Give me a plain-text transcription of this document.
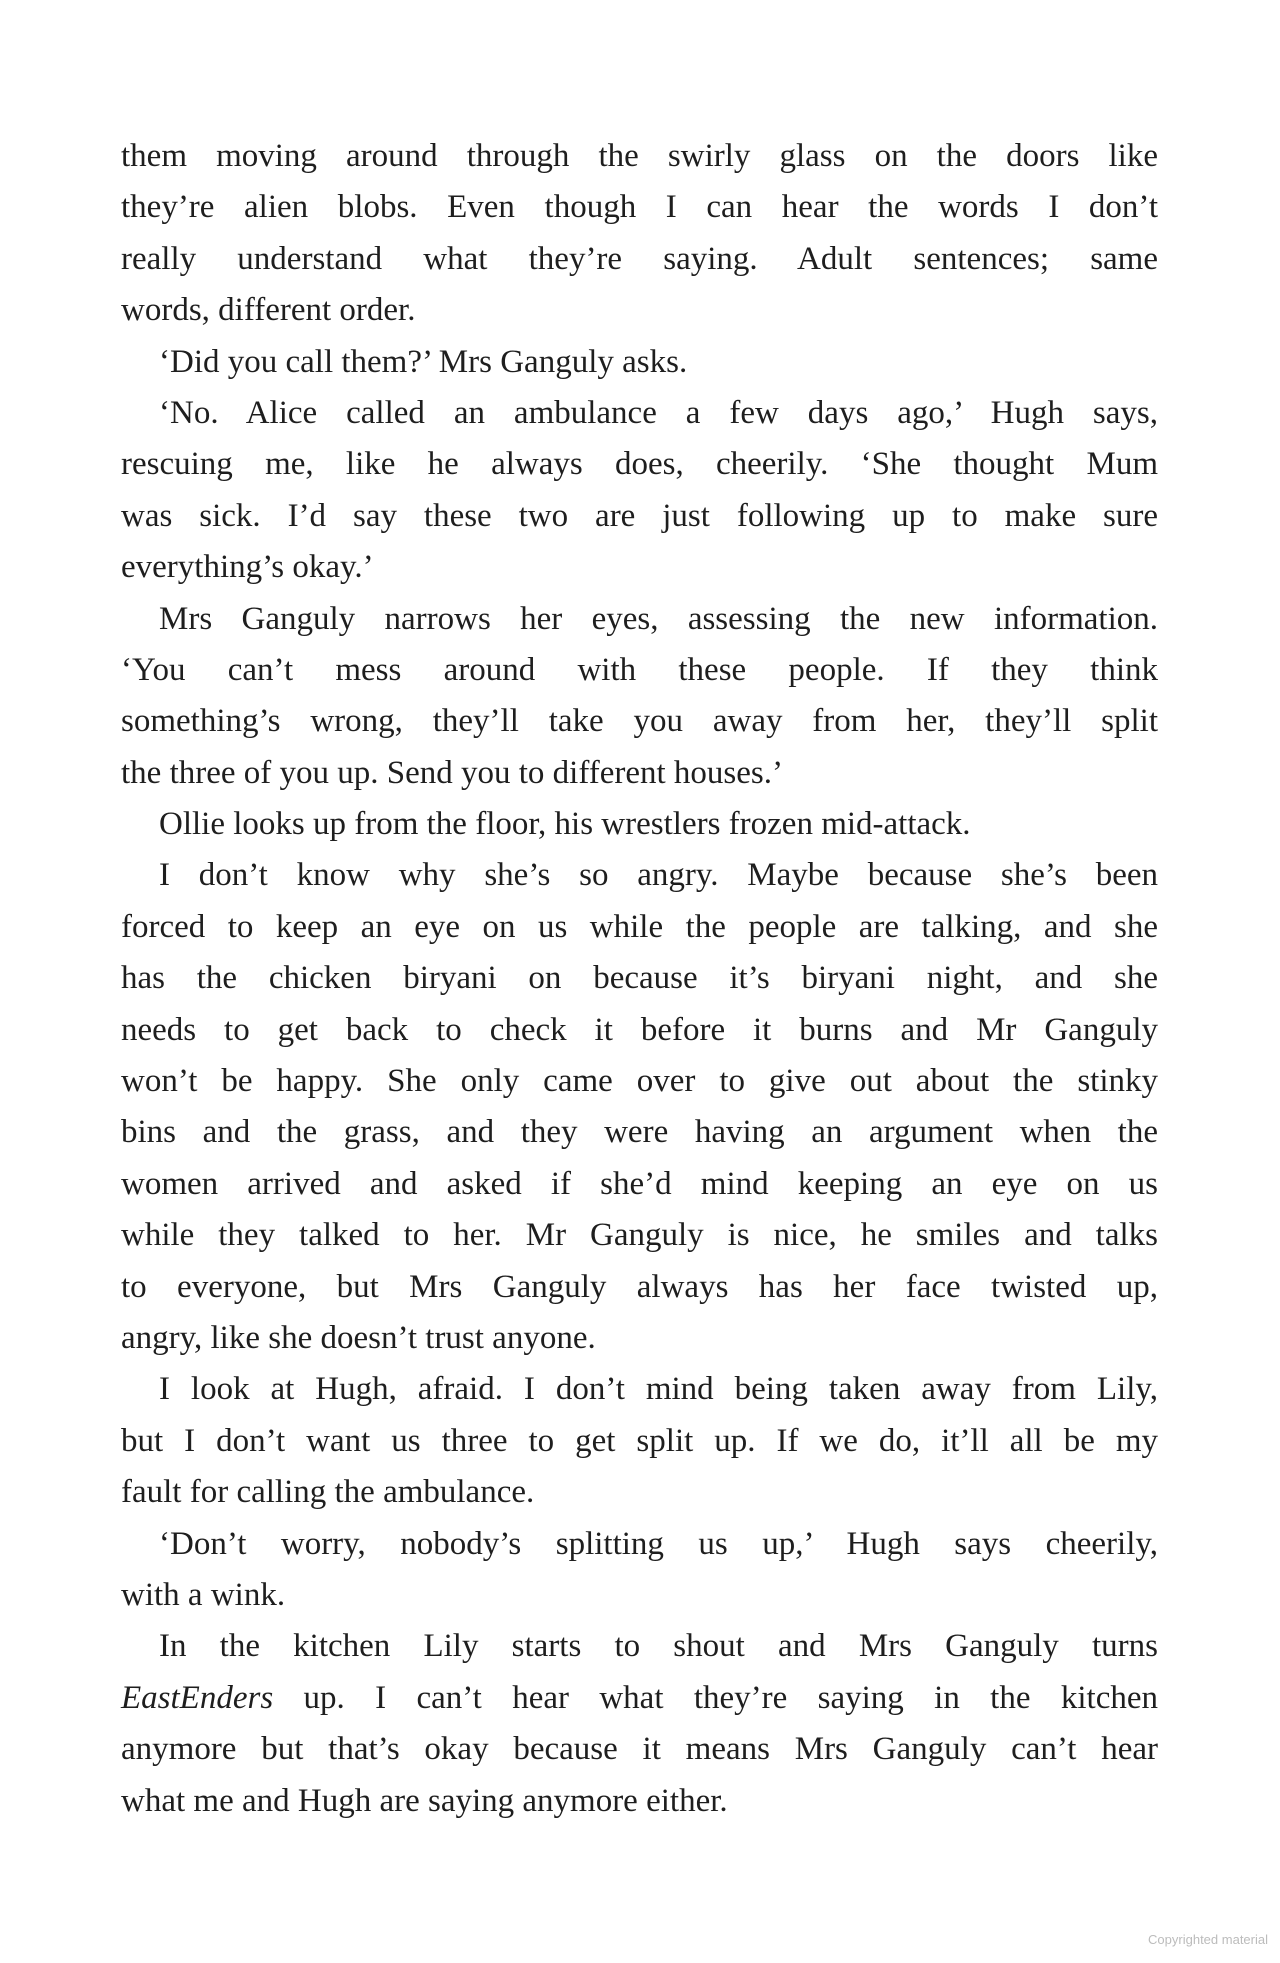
them moving around through the swirly glass on the doors like
they’re alien blobs. Even though I can hear the words I don’t
really understand what they’re saying. Adult sentences; same
words, different order.
‘Did you call them?’ Mrs Ganguly asks.
‘No. Alice called an ambulance a few days ago,’ Hugh says,
rescuing me, like he always does, cheerily. ‘She thought Mum
was sick. I’d say these two are just following up to make sure
everything’s okay.’
Mrs Ganguly narrows her eyes, assessing the new information.
‘You can’t mess around with these people. If they think
something’s wrong, they’ll take you away from her, they’ll split
the three of you up. Send you to different houses.’
Ollie looks up from the floor, his wrestlers frozen mid-attack.
I don’t know why she’s so angry. Maybe because she’s been
forced to keep an eye on us while the people are talking, and she
has the chicken biryani on because it’s biryani night, and she
needs to get back to check it before it burns and Mr Ganguly
won’t be happy. She only came over to give out about the stinky
bins and the grass, and they were having an argument when the
women arrived and asked if she’d mind keeping an eye on us
while they talked to her. Mr Ganguly is nice, he smiles and talks
to everyone, but Mrs Ganguly always has her face twisted up,
angry, like she doesn’t trust anyone.
I look at Hugh, afraid. I don’t mind being taken away from Lily,
but I don’t want us three to get split up. If we do, it’ll all be my
fault for calling the ambulance.
‘Don’t worry, nobody’s splitting us up,’ Hugh says cheerily,
with a wink.
In the kitchen Lily starts to shout and Mrs Ganguly turns
EastEnders up. I can’t hear what they’re saying in the kitchen
anymore but that’s okay because it means Mrs Ganguly can’t hear
what me and Hugh are saying anymore either.
Copyrighted material
